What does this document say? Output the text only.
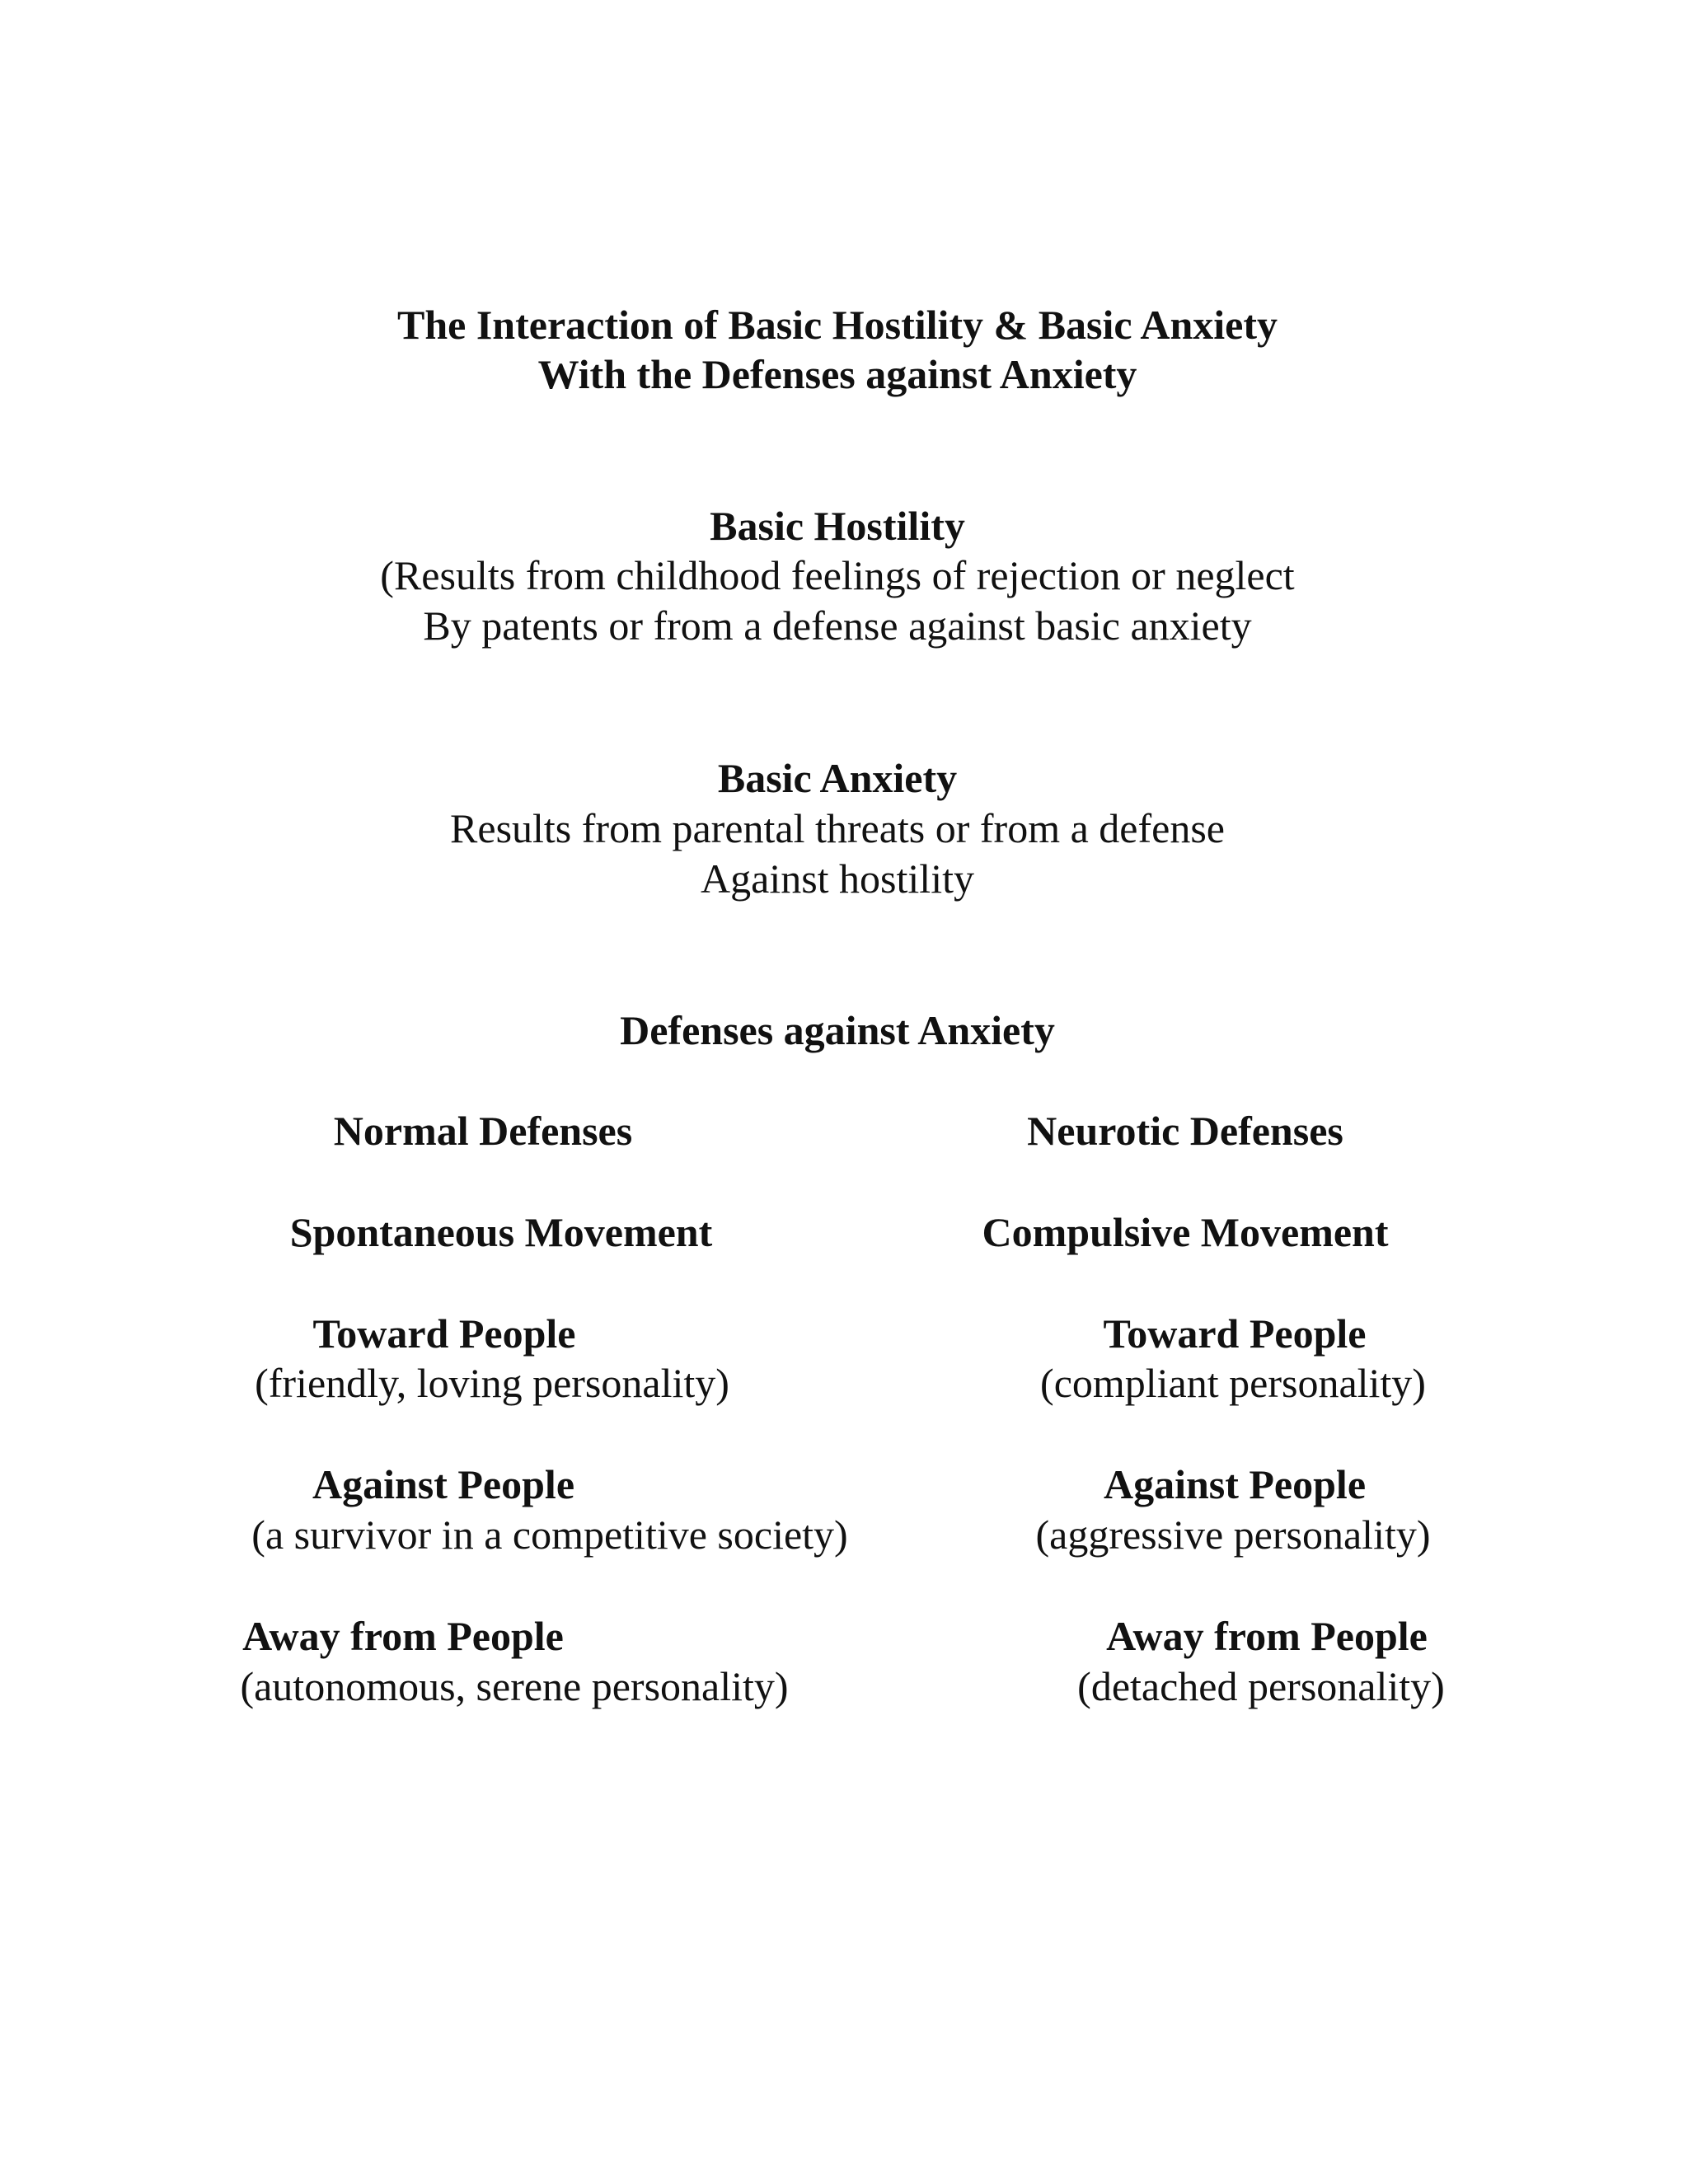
The Interaction of Basic Hostility & Basic Anxiety
With the Defenses against Anxiety
Basic Hostility
(Results from childhood feelings of rejection or neglect
By patents or from a defense against basic anxiety
Basic Anxiety
Results from parental threats or from a defense
Against hostility
Defenses against Anxiety
Normal Defenses
Spontaneous Movement
Toward People
(friendly, loving personality)
Against People
(a survivor in a competitive society)
Away from People
(autonomous, serene personality)
Neurotic Defenses
Compulsive Movement
Toward People
(compliant personality)
Against People
(aggressive personality)
Away from People
(detached personality)
